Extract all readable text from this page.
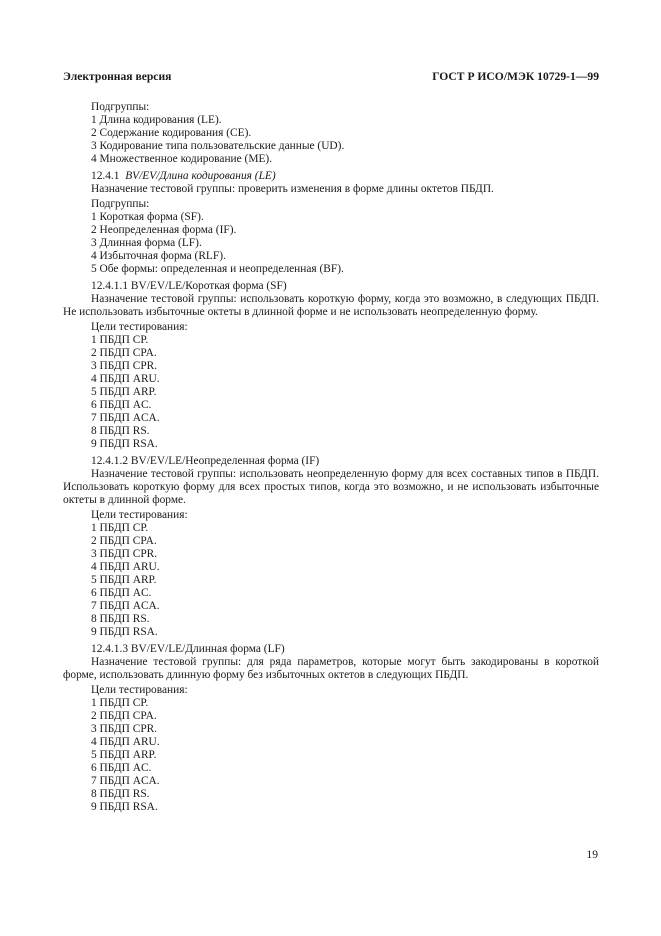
Электронная версия	ГОСТ Р ИСО/МЭК 10729-1—99
Подгруппы:
1 Длина кодирования (LE).
2 Содержание кодирования (CE).
3 Кодирование типа пользовательские данные (UD).
4 Множественное кодирование (ME).
12.4.1 BV/EV/Длина кодирования (LE)
Назначение тестовой группы: проверить изменения в форме длины октетов ПБДП.
Подгруппы:
1 Короткая форма (SF).
2 Неопределенная форма (IF).
3 Длинная форма (LF).
4 Избыточная форма (RLF).
5 Обе формы: определенная и неопределенная (BF).
12.4.1.1 BV/EV/LE/Короткая форма (SF)
Назначение тестовой группы: использовать короткую форму, когда это возможно, в следующих ПБДП. Не использовать избыточные октеты в длинной форме и не использовать неопределенную форму.
Цели тестирования:
1 ПБДП CP.
2 ПБДП CPA.
3 ПБДП CPR.
4 ПБДП ARU.
5 ПБДП ARP.
6 ПБДП AC.
7 ПБДП ACA.
8 ПБДП RS.
9 ПБДП RSA.
12.4.1.2 BV/EV/LE/Неопределенная форма (IF)
Назначение тестовой группы: использовать неопределенную форму для всех составных типов в ПБДП. Использовать короткую форму для всех простых типов, когда это возможно, и не использовать избыточные октеты в длинной форме.
Цели тестирования:
1 ПБДП CP.
2 ПБДП CPA.
3 ПБДП CPR.
4 ПБДП ARU.
5 ПБДП ARP.
6 ПБДП AC.
7 ПБДП ACA.
8 ПБДП RS.
9 ПБДП RSA.
12.4.1.3 BV/EV/LE/Длинная форма (LF)
Назначение тестовой группы: для ряда параметров, которые могут быть закодированы в короткой форме, использовать длинную форму без избыточных октетов в следующих ПБДП.
Цели тестирования:
1 ПБДП CP.
2 ПБДП CPA.
3 ПБДП CPR.
4 ПБДП ARU.
5 ПБДП ARP.
6 ПБДП AC.
7 ПБДП ACA.
8 ПБДП RS.
9 ПБДП RSA.
19
